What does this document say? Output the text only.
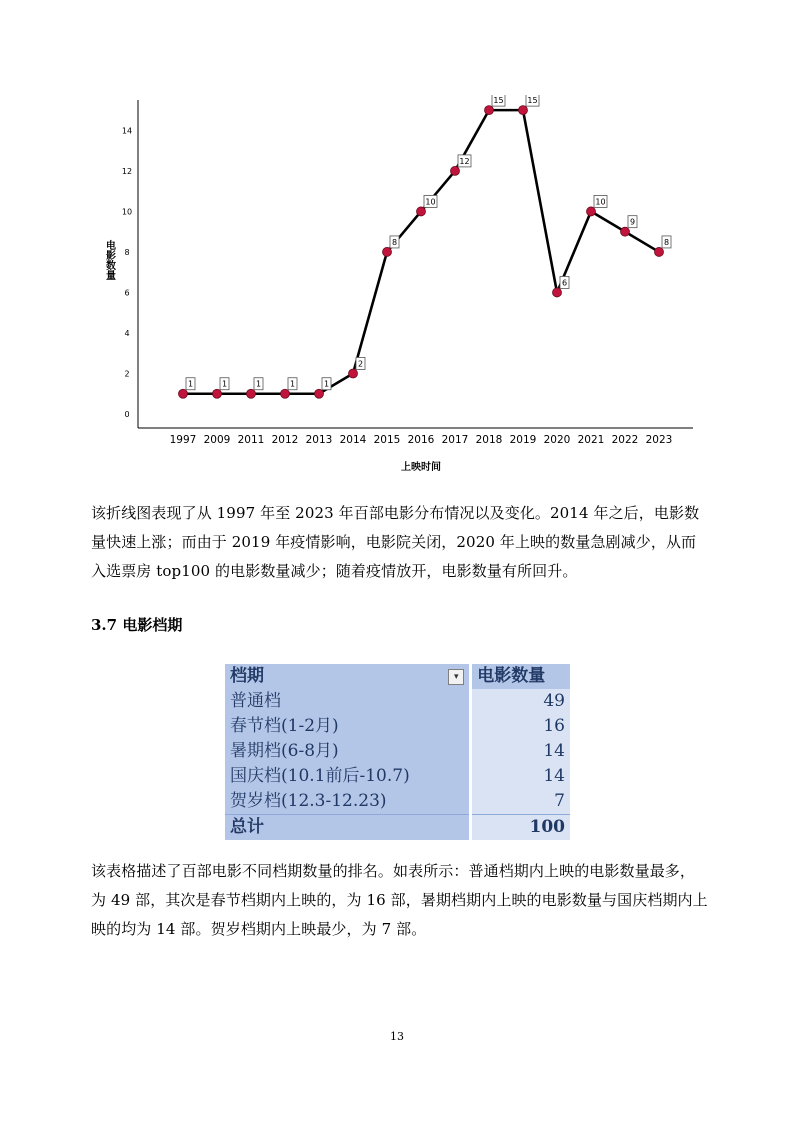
0
2
4
6
8
10
12
14
1997 2009 2011 2012 2013 2014 2015 2016 2017 2018 2019 2020 2021 2022 2023
电影数量
上映时间
1	1	1	1	1
2
8
10
12
15	15
6
10
9
8

该折线图表现了从 1997 年至 2023 年百部电影分布情况以及变化。2014 年之后，电影数量快速上涨；而由于 2019 年疫情影响，电影院关闭，2020 年上映的数量急剧减少，从而入选票房 top100 的电影数量减少；随着疫情放开，电影数量有所回升。

3.7 电影档期
档期 ▾	电影数量
普通档	49
春节档(1-2月)	16
暑期档(6-8月)	14
国庆档(10.1前后-10.7)	14
贺岁档(12.3-12.23)	7
总计	100

该表格描述了百部电影不同档期数量的排名。如表所示：普通档期内上映的电影数量最多，为 49 部，其次是春节档期内上映的，为 16 部，暑期档期内上映的电影数量与国庆档期内上映的均为 14 部。贺岁档期内上映最少，为 7 部。

13
